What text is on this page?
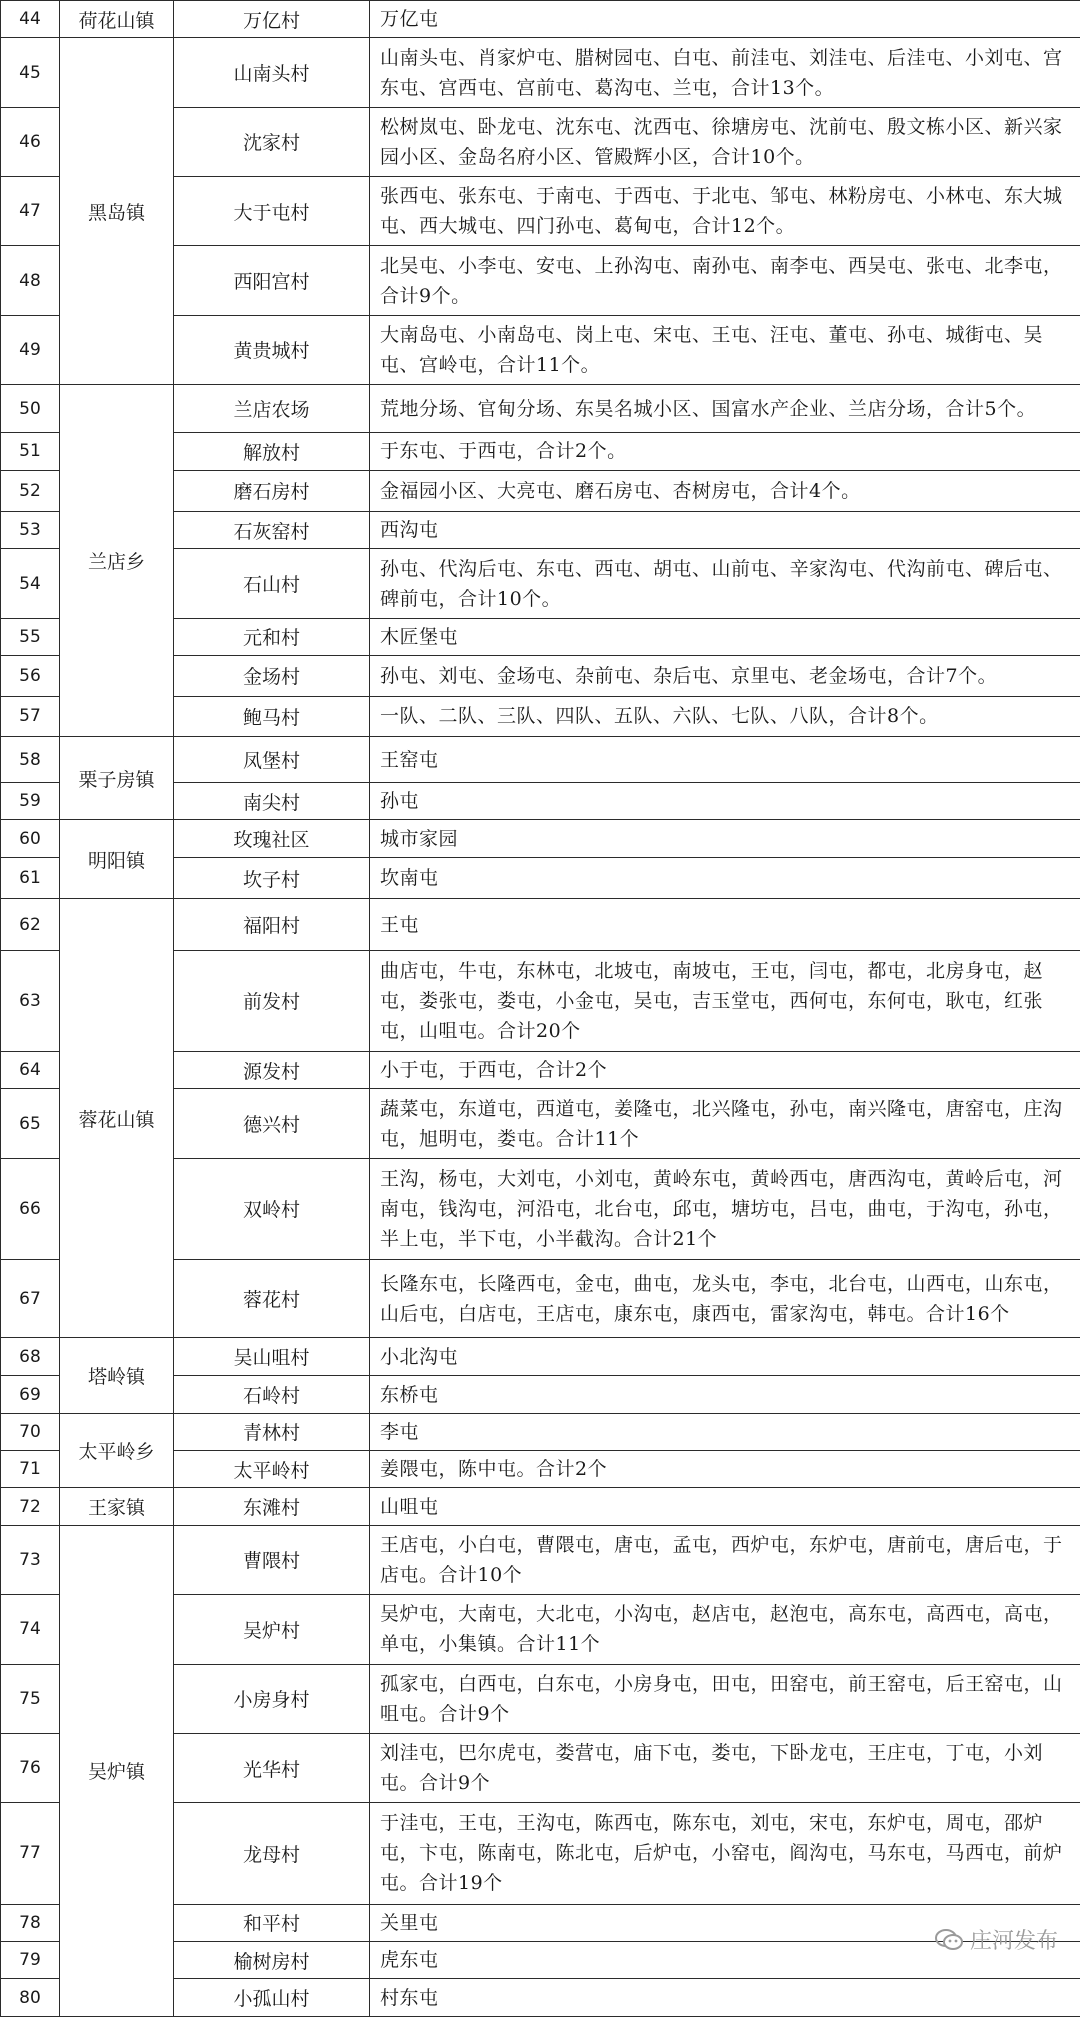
44	荷花山镇	万亿村	万亿屯
45	黑岛镇	山南头村	山南头屯、肖家炉屯、腊树园屯、白屯、前洼屯、刘洼屯、后洼屯、小刘屯、宫东屯、宫西屯、宫前屯、葛沟屯、兰屯，合计13个。
46		沈家村	松树岚屯、卧龙屯、沈东屯、沈西屯、徐塘房屯、沈前屯、殷文栋小区、新兴家园小区、金岛名府小区、管殿辉小区，合计10个。
47		大于屯村	张西屯、张东屯、于南屯、于西屯、于北屯、邹屯、林粉房屯、小林屯、东大城屯、西大城屯、四门孙屯、葛甸屯，合计12个。
48		西阳宫村	北吴屯、小李屯、安屯、上孙沟屯、南孙屯、南李屯、西吴屯、张屯、北李屯，合计9个。
49		黄贵城村	大南岛屯、小南岛屯、岗上屯、宋屯、王屯、汪屯、董屯、孙屯、城街屯、吴屯、宫岭屯，合计11个。
50	兰店乡	兰店农场	荒地分场、官甸分场、东昊名城小区、国富水产企业、兰店分场，合计5个。
51		解放村	于东屯、于西屯，合计2个。
52		磨石房村	金福园小区、大亮屯、磨石房屯、杏树房屯，合计4个。
53		石灰窑村	西沟屯
54		石山村	孙屯、代沟后屯、东屯、西屯、胡屯、山前屯、辛家沟屯、代沟前屯、碑后屯、碑前屯，合计10个。
55		元和村	木匠堡屯
56		金场村	孙屯、刘屯、金场屯、杂前屯、杂后屯、京里屯、老金场屯，合计7个。
57		鲍马村	一队、二队、三队、四队、五队、六队、七队、八队，合计8个。
58	栗子房镇	凤堡村	王窑屯
59		南尖村	孙屯
60	明阳镇	玫瑰社区	城市家园
61		坎子村	坎南屯
62	蓉花山镇	福阳村	王屯
63		前发村	曲店屯，牛屯，东林屯，北坡屯，南坡屯，王屯，闫屯，都屯，北房身屯，赵屯，娄张屯，娄屯，小金屯，吴屯，吉玉堂屯，西何屯，东何屯，耿屯，红张屯，山咀屯。合计20个
64		源发村	小于屯，于西屯，合计2个
65		德兴村	蔬菜屯，东道屯，西道屯，姜隆屯，北兴隆屯，孙屯，南兴隆屯，唐窑屯，庄沟屯，旭明屯，娄屯。合计11个
66		双岭村	王沟，杨屯，大刘屯，小刘屯，黄岭东屯，黄岭西屯，唐西沟屯，黄岭后屯，河南屯，钱沟屯，河沿屯，北台屯，邱屯，塘坊屯，吕屯，曲屯，于沟屯，孙屯，半上屯，半下屯，小半截沟。合计21个
67		蓉花村	长隆东屯，长隆西屯，金屯，曲屯，龙头屯，李屯，北台屯，山西屯，山东屯，山后屯，白店屯，王店屯，康东屯，康西屯，雷家沟屯，韩屯。合计16个
68	塔岭镇	吴山咀村	小北沟屯
69		石岭村	东桥屯
70	太平岭乡	青林村	李屯
71		太平岭村	姜隈屯，陈中屯。合计2个
72	王家镇	东滩村	山咀屯
73	吴炉镇	曹隈村	王店屯，小白屯，曹隈屯，唐屯，孟屯，西炉屯，东炉屯，唐前屯，唐后屯，于店屯。合计10个
74		吴炉村	吴炉屯，大南屯，大北屯，小沟屯，赵店屯，赵泡屯，高东屯，高西屯，高屯，单屯，小集镇。合计11个
75		小房身村	孤家屯，白西屯，白东屯，小房身屯，田屯，田窑屯，前王窑屯，后王窑屯，山咀屯。合计9个
76		光华村	刘洼屯，巴尔虎屯，娄营屯，庙下屯，娄屯，下卧龙屯，王庄屯，丁屯，小刘屯。合计9个
77		龙母村	于洼屯，王屯，王沟屯，陈西屯，陈东屯，刘屯，宋屯，东炉屯，周屯，邵炉屯，卞屯，陈南屯，陈北屯，后炉屯，小窑屯，阎沟屯，马东屯，马西屯，前炉屯。合计19个
78		和平村	关里屯
79		榆树房村	虎东屯
80		小孤山村	村东屯
庄河发布
